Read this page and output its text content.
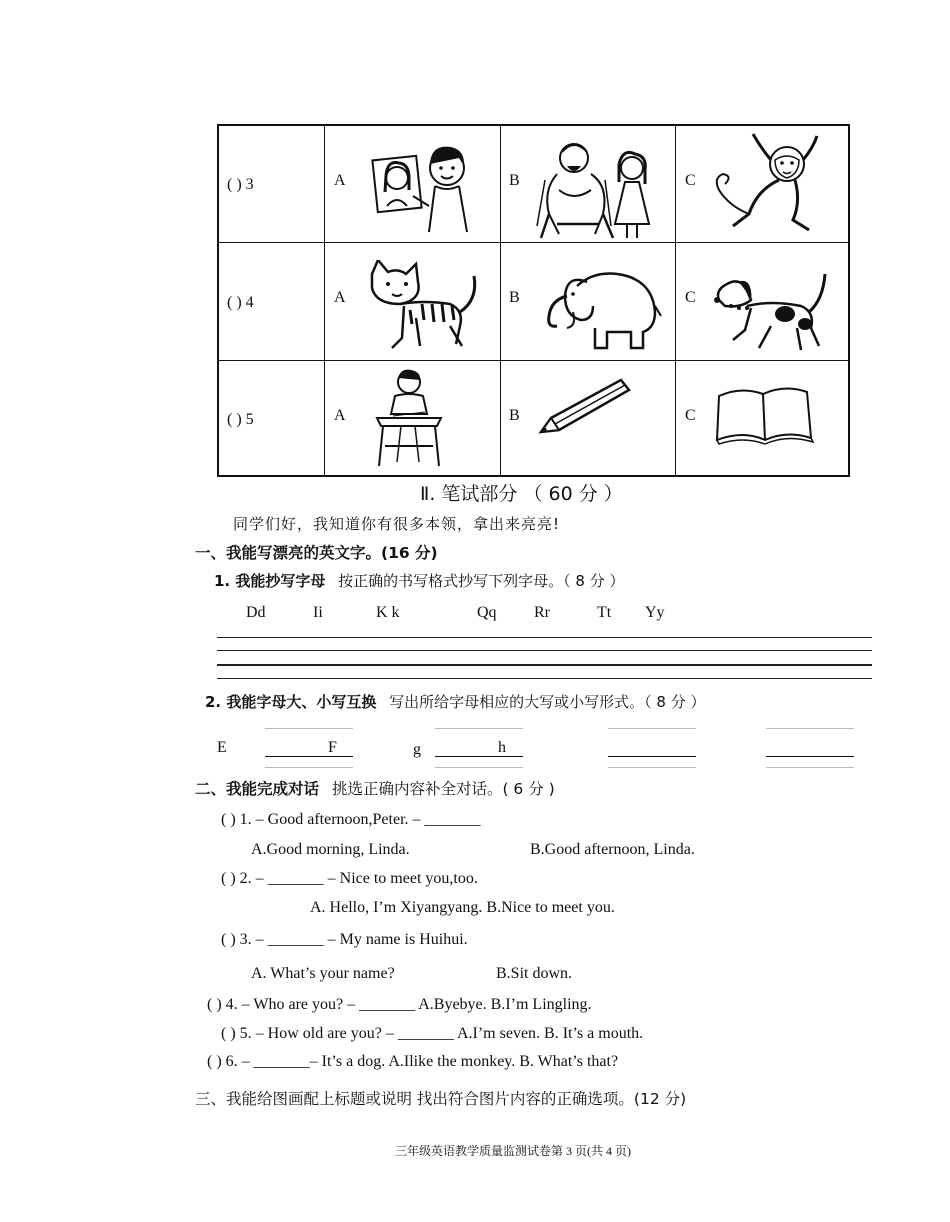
( ) 3	A	B	C
( ) 4	A	B	C
( ) 5	A	B	C
Ⅱ. 笔试部分 （ 60 分 ）
同学们好，我知道你有很多本领，拿出来亮亮!
一、我能写漂亮的英文字。(16 分)
1. 我能抄写字母 按正确的书写格式抄写下列字母。（ 8 分 ）
Dd	Ii	K k	Qq Rr	Tt Yy
2. 我能字母大、小写互换 写出所给字母相应的大写或小写形式。（ 8 分 ）
E	F	g	h
二、我能完成对话 挑选正确内容补全对话。( 6 分 )
( ) 1. – Good afternoon,Peter. – _______
A.Good morning, Linda.	B.Good afternoon, Linda.
( ) 2. – _______ – Nice to meet you,too.
A. Hello, I’m Xiyangyang. B.Nice to meet you.
( ) 3. – _______ – My name is Huihui.
A. What’s your name?	B.Sit down.
( ) 4. – Who are you? – _______ A.Byebye. B.I’m Lingling.
( ) 5. – How old are you? – _______ A.I’m seven. B. It’s a mouth.
( ) 6. – _______– It’s a dog. A.Ilike the monkey. B. What’s that?
三、我能给图画配上标题或说明 找出符合图片内容的正确选项。(12 分)
三年级英语教学质量监测试卷第 3 页(共 4 页)
